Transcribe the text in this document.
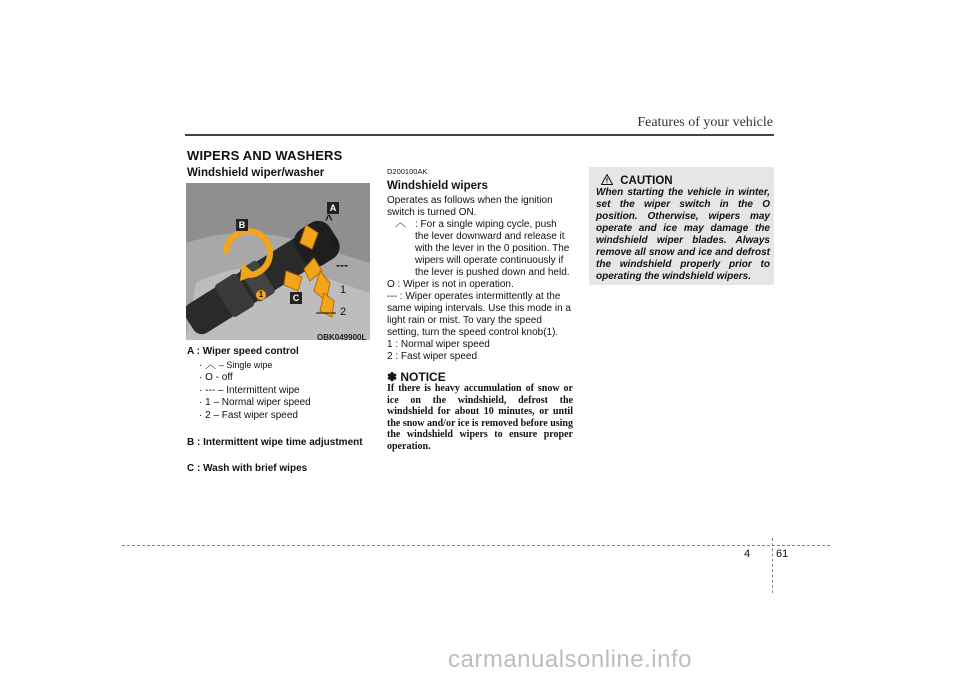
Features of your vehicle
WIPERS AND WASHERS
Windshield wiper/washer
B
A
C
^
0
---
1
2
1
OBK049900L
A : Wiper speed control
· ︿ – Single wipe
· O - off
· --- – Intermittent wipe
· 1 – Normal wiper speed
· 2 – Fast wiper speed
B : Intermittent wipe time adjustment
C : Wash with brief wipes
D200100AK
Windshield wipers
Operates as follows when the ignition switch is turned ON.
︿ : For a single wiping cycle, push the lever downward and release it with the lever in the 0 position. The wipers will operate continuously if the lever is pushed down and held.
O : Wiper is not in operation.
--- : Wiper operates intermittently at the same wiping intervals. Use this mode in a light rain or mist. To vary the speed setting, turn the speed control knob(1).
1 : Normal wiper speed
2 : Fast wiper speed
✽ NOTICE
If there is heavy accumulation of snow or ice on the windshield, defrost the windshield for about 10 minutes, or until the snow and/or ice is removed before using the windshield wipers to ensure proper operation.
CAUTION
When starting the vehicle in winter, set the wiper switch in the O position. Otherwise, wipers may operate and ice may damage the windshield wiper blades. Always remove all snow and ice and defrost the windshield properly prior to operating the windshield wipers.
4 61
carmanualsonline.info
